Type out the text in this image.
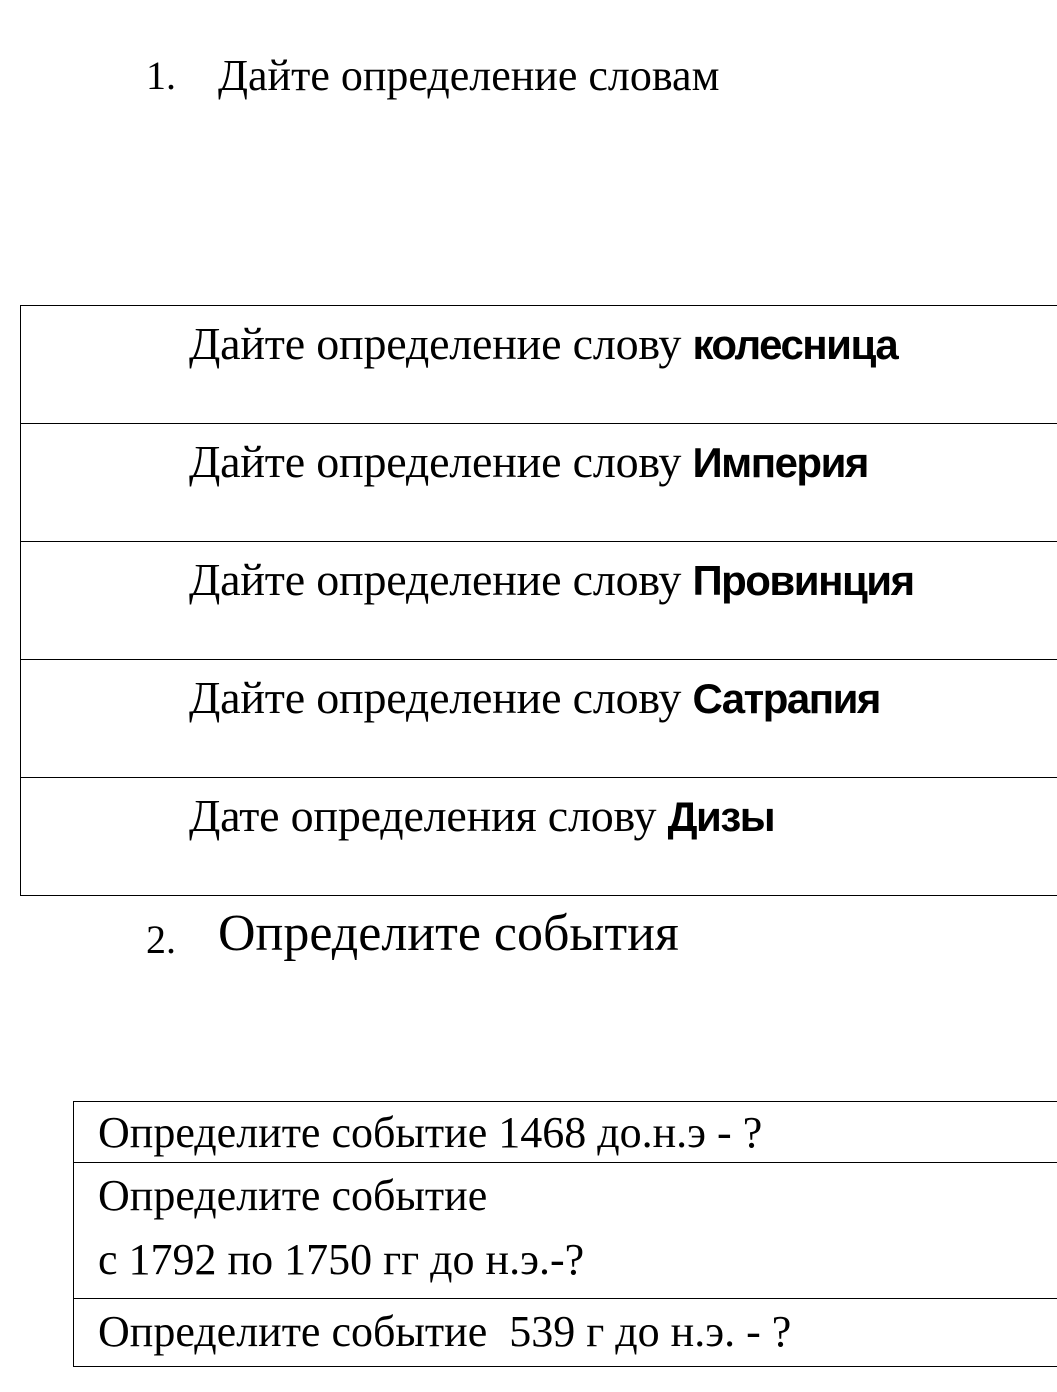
1. Дайте определение словам
Дайте определение слову колесница
Дайте определение слову Империя
Дайте определение слову Провинция
Дайте определение слову Сатрапия
Дате определения слову Дизы
2. Определите события
Определите событие 1468 до.н.э - ?
Определите событие
с 1792 по 1750 гг до н.э.-?
Определите событие  539 г до н.э. - ?
